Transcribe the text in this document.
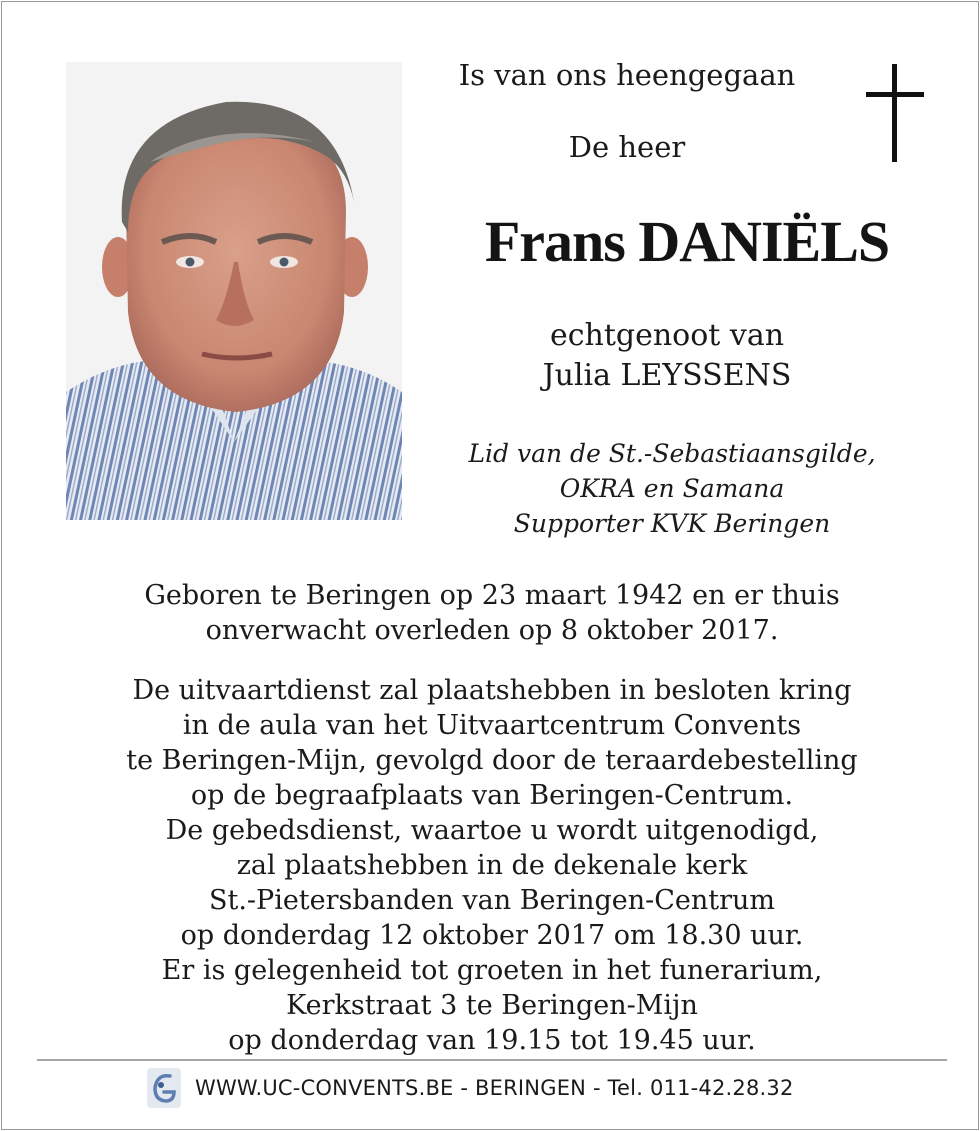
Is van ons heengegaan
De heer
Frans DANIËLS
echtgenoot van
Julia LEYSSENS
Lid van de St.-Sebastiaansgilde,
OKRA en Samana
Supporter KVK Beringen
Geboren te Beringen op 23 maart 1942 en er thuis
onverwacht overleden op 8 oktober 2017.
De uitvaartdienst zal plaatshebben in besloten kring
in de aula van het Uitvaartcentrum Convents
te Beringen-Mijn, gevolgd door de teraardebestelling
op de begraafplaats van Beringen-Centrum.
De gebedsdienst, waartoe u wordt uitgenodigd,
zal plaatshebben in de dekenale kerk
St.-Pietersbanden van Beringen-Centrum
op donderdag 12 oktober 2017 om 18.30 uur.
Er is gelegenheid tot groeten in het funerarium,
Kerkstraat 3 te Beringen-Mijn
op donderdag van 19.15 tot 19.45 uur.
WWW.UC-CONVENTS.BE - BERINGEN - Tel. 011-42.28.32
